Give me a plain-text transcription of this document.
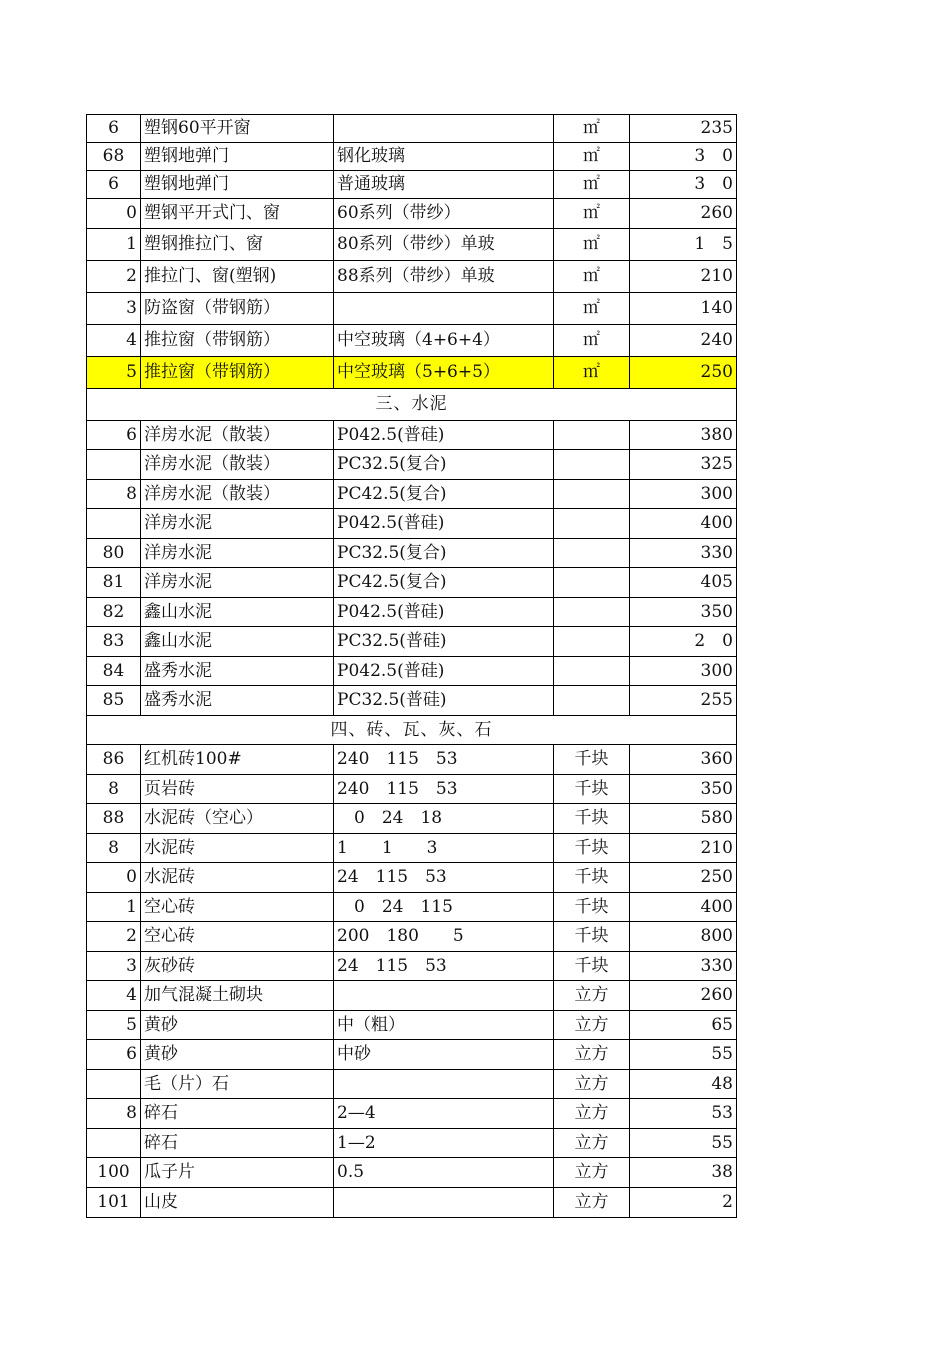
6	塑钢60平开窗		㎡	235
68	塑钢地弹门	钢化玻璃	㎡	3　0
6	塑钢地弹门	普通玻璃	㎡	3　0
0	塑钢平开式门、窗	60系列（带纱）	㎡	260
1	塑钢推拉门、窗	80系列（带纱）单玻	㎡	1　5
2	推拉门、窗(塑钢)	88系列（带纱）单玻	㎡	210
3	防盗窗（带钢筋）		㎡	140
4	推拉窗（带钢筋）	中空玻璃（4+6+4）	㎡	240
5	推拉窗（带钢筋）	中空玻璃（5+6+5）	㎡	250
三、水泥				
6	洋房水泥（散装）	P042.5(普硅)		380
	洋房水泥（散装）	PC32.5(复合)		325
8	洋房水泥（散装）	PC42.5(复合)		300
	洋房水泥	P042.5(普硅)		400
80	洋房水泥	PC32.5(复合)		330
81	洋房水泥	PC42.5(复合)		405
82	鑫山水泥	P042.5(普硅)		350
83	鑫山水泥	PC32.5(普硅)		2　0
84	盛秀水泥	P042.5(普硅)		300
85	盛秀水泥	PC32.5(普硅)		255
四、砖、瓦、灰、石				
86	红机砖100#	240　115　53	千块	360
8	页岩砖	240　115　53	千块	350
88	水泥砖（空心）	　0　24　18	千块	580
8	水泥砖	1　　1　　3	千块	210
0	水泥砖	24　115　53	千块	250
1	空心砖	　0　24　115	千块	400
2	空心砖	200　180　　5	千块	800
3	灰砂砖	24　115　53	千块	330
4	加气混凝土砌块		立方	260
5	黄砂	中（粗）	立方	65
6	黄砂	中砂	立方	55
	毛（片）石		立方	48
8	碎石	2—4	立方	53
	碎石	1—2	立方	55
100	瓜子片	0.5	立方	38
101	山皮		立方	2
